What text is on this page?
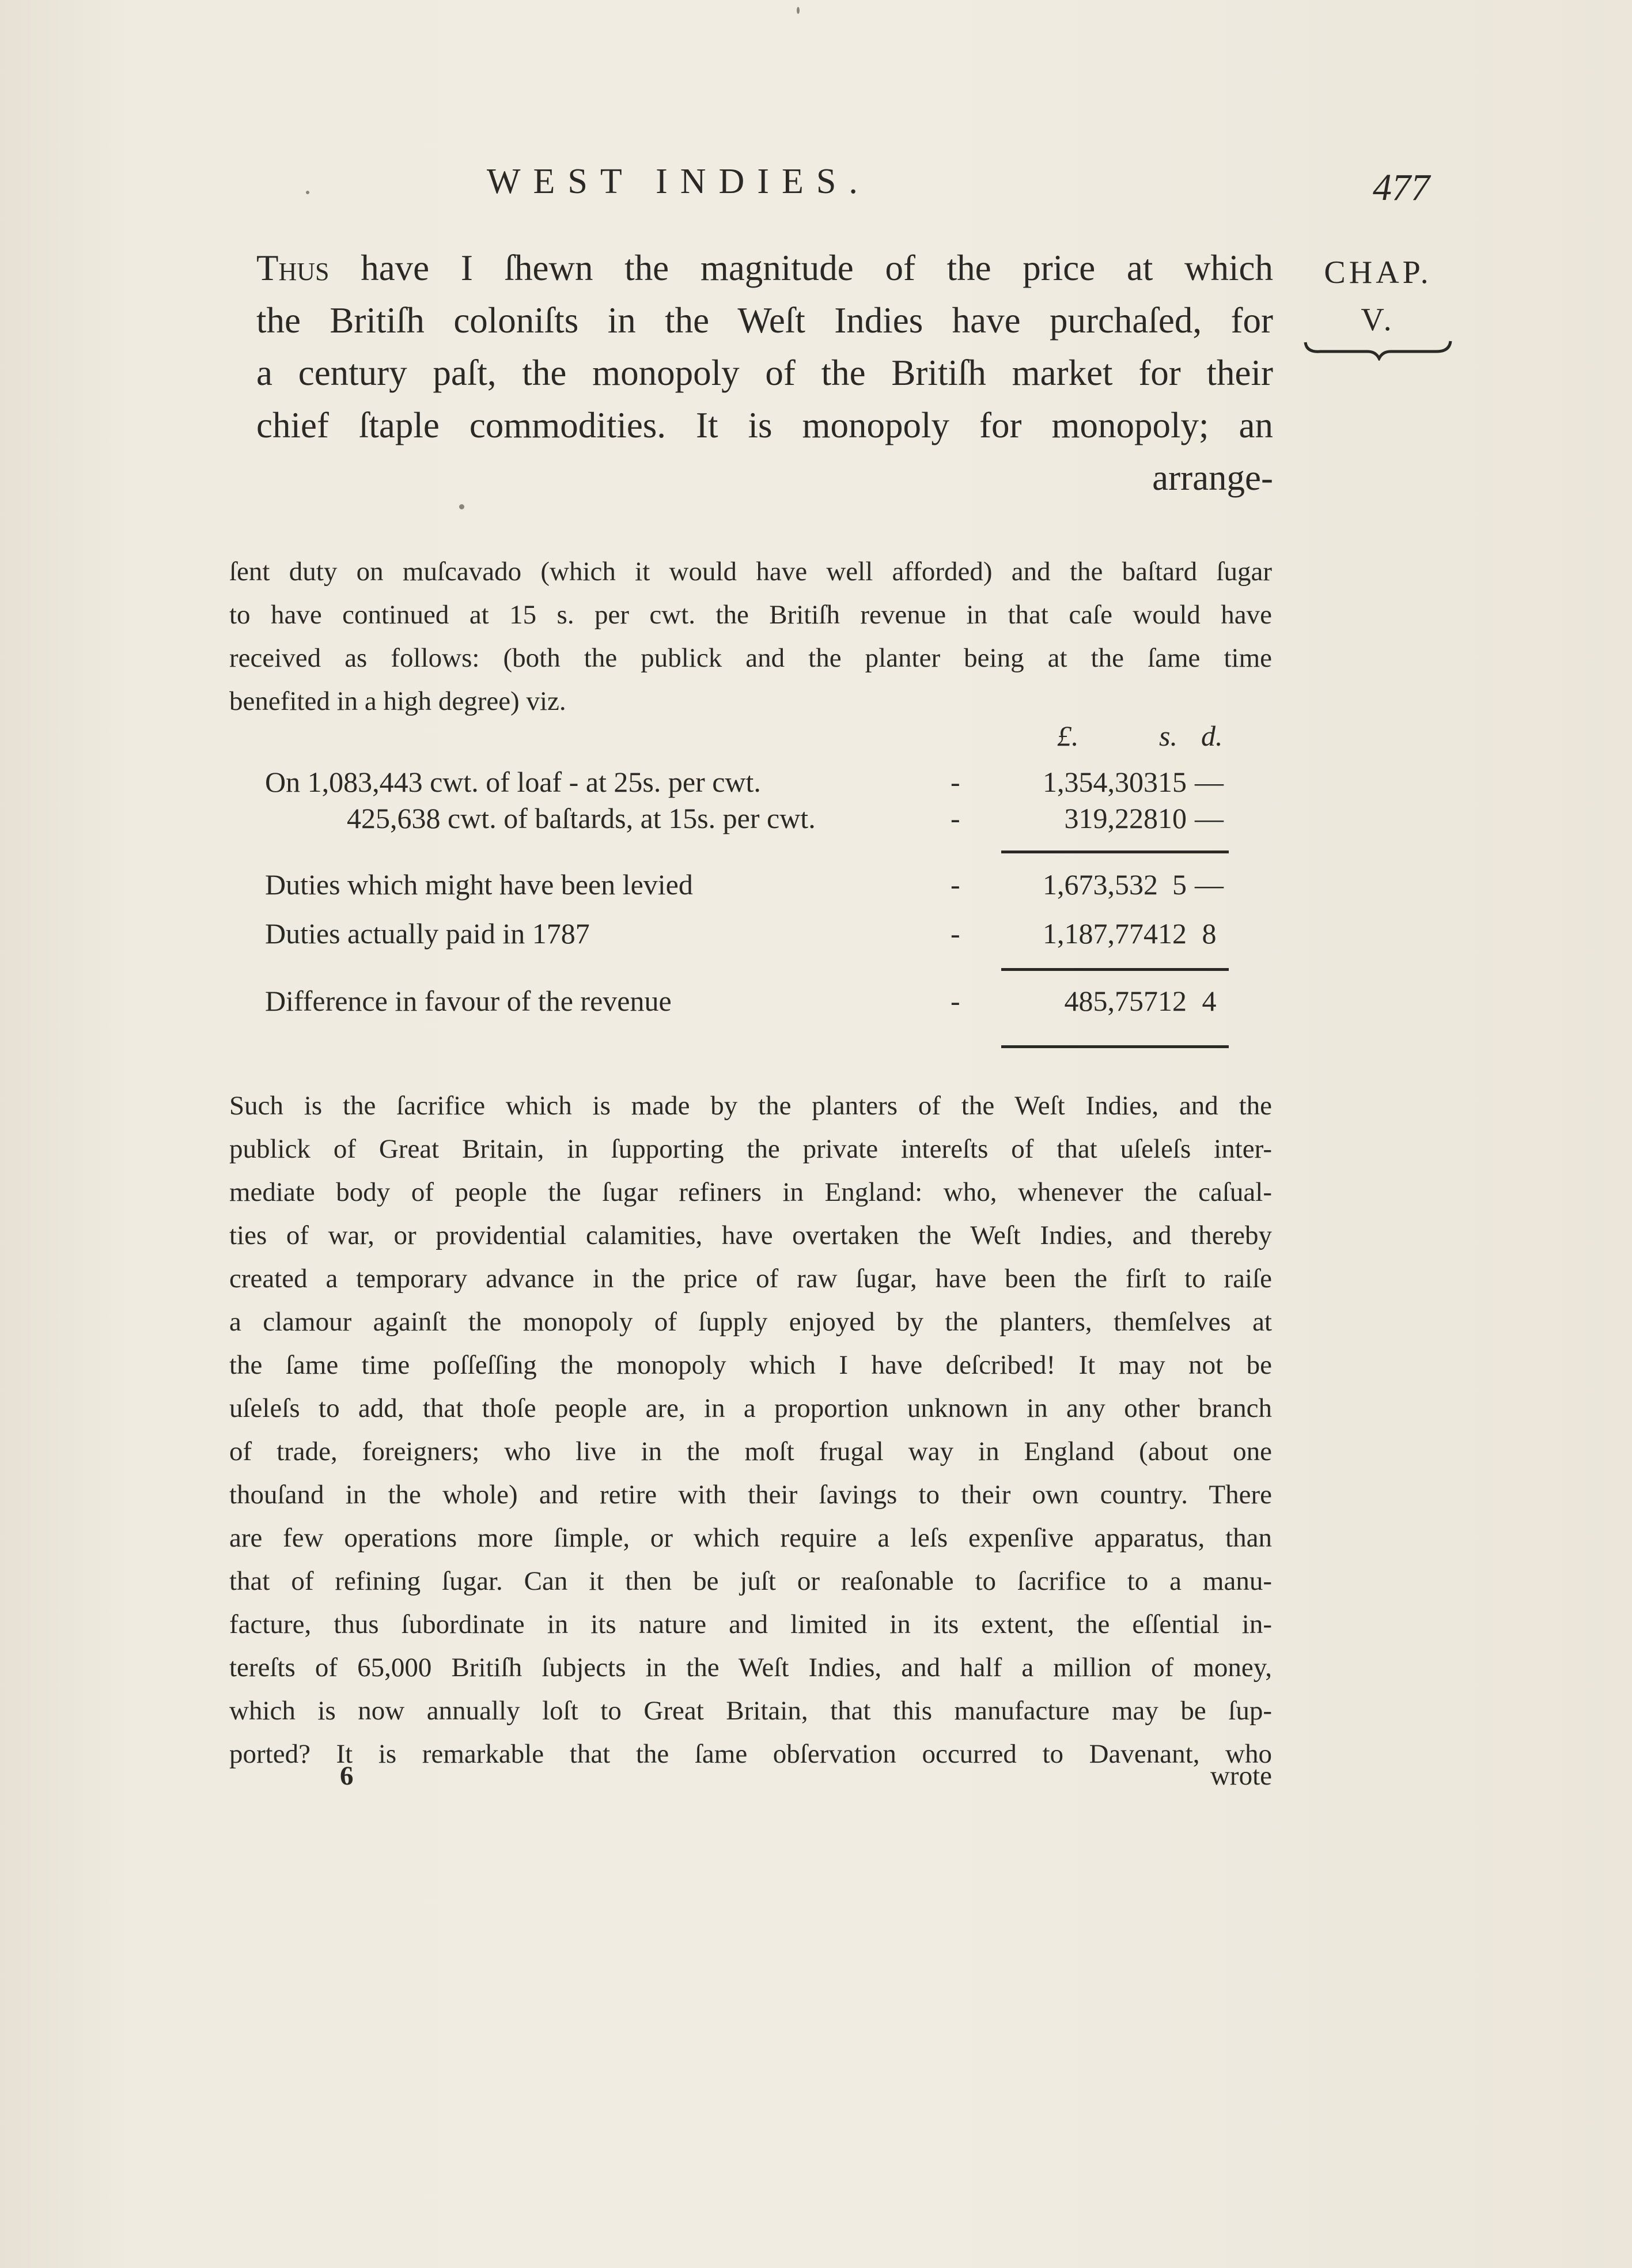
WEST INDIES.	477
Thus have I ſhewn the magnitude of the price at which
the Britiſh coloniſts in the Weſt Indies have purchaſed, for
a century paſt, the monopoly of the Britiſh market for their
chief ſtaple commodities. It is monopoly for monopoly; an
arrange-
CHAP.
V.
ſent duty on muſcavado (which it would have well afforded) and the baſtard ſugar
to have continued at 15 s. per cwt. the Britiſh revenue in that caſe would have
received as follows: (both the publick and the planter being at the ſame time
benefited in a high degree) viz.
£.	s. d.
On 1,083,443 cwt. of loaf - at 25s. per cwt.	-	1,354,303 15 —
425,638 cwt. of baſtards, at 15s. per cwt.	-	319,228 10 —
Duties which might have been levied	-	1,673,532 5 —
Duties actually paid in 1787	-	1,187,774 12 8
Difference in favour of the revenue	-	485,757 12 4
Such is the ſacrifice which is made by the planters of the Weſt Indies, and the
publick of Great Britain, in ſupporting the private intereſts of that uſeleſs inter-
mediate body of people the ſugar refiners in England: who, whenever the caſual-
ties of war, or providential calamities, have overtaken the Weſt Indies, and thereby
created a temporary advance in the price of raw ſugar, have been the firſt to raiſe
a clamour againſt the monopoly of ſupply enjoyed by the planters, themſelves at
the ſame time poſſeſſing the monopoly which I have deſcribed! It may not be
uſeleſs to add, that thoſe people are, in a proportion unknown in any other branch
of trade, foreigners; who live in the moſt frugal way in England (about one
thouſand in the whole) and retire with their ſavings to their own country. There
are few operations more ſimple, or which require a leſs expenſive apparatus, than
that of refining ſugar. Can it then be juſt or reaſonable to ſacrifice to a manu-
facture, thus ſubordinate in its nature and limited in its extent, the eſſential in-
tereſts of 65,000 Britiſh ſubjects in the Weſt Indies, and half a million of money,
which is now annually loſt to Great Britain, that this manufacture may be ſup-
ported? It is remarkable that the ſame obſervation occurred to Davenant, who
6	wrote
